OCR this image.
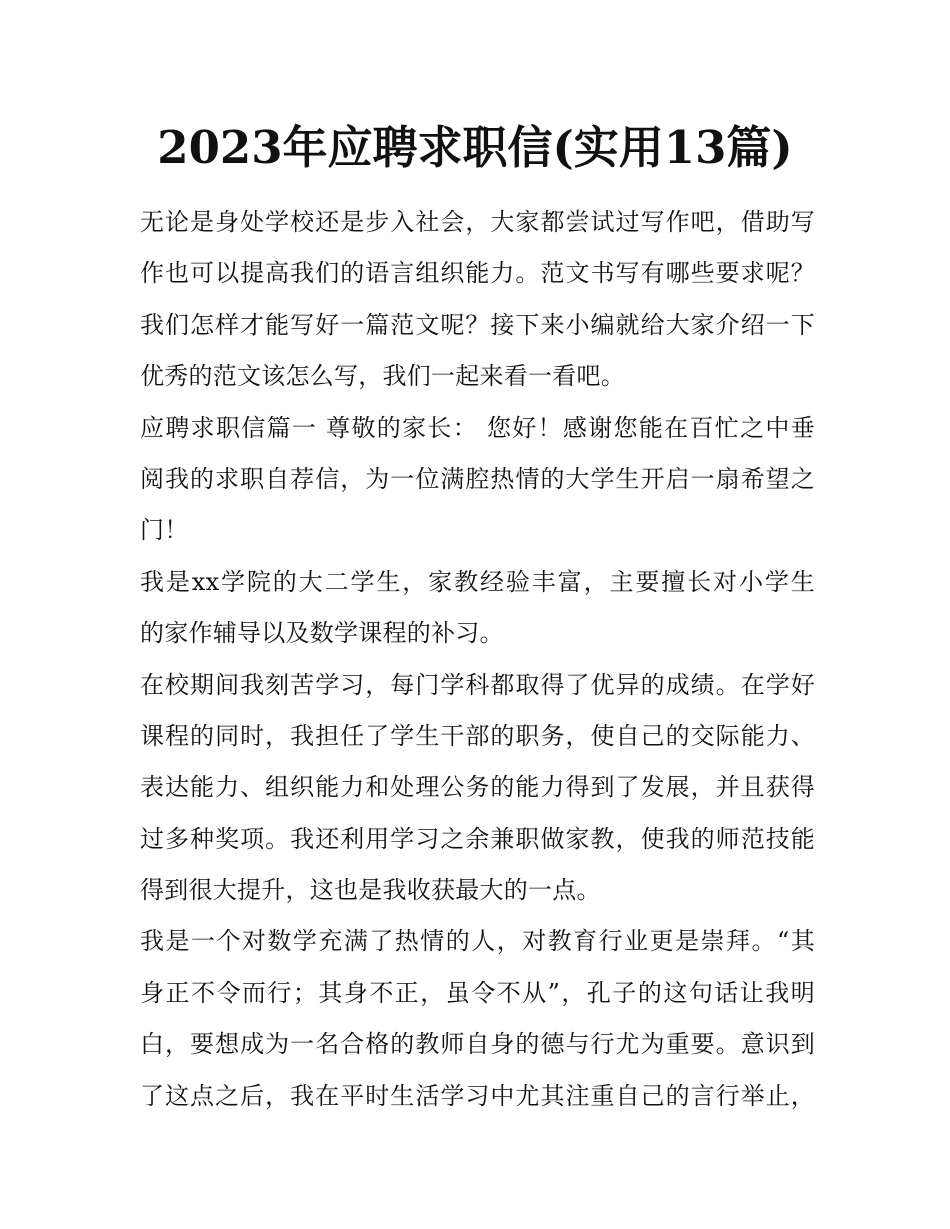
2023年应聘求职信(实用13篇)
无论是身处学校还是步入社会，大家都尝试过写作吧，借助写
作也可以提高我们的语言组织能力。范文书写有哪些要求呢？
我们怎样才能写好一篇范文呢？接下来小编就给大家介绍一下
优秀的范文该怎么写，我们一起来看一看吧。
应聘求职信篇一 尊敬的家长： 您好！感谢您能在百忙之中垂
阅我的求职自荐信，为一位满腔热情的大学生开启一扇希望之
门！
我是xx学院的大二学生，家教经验丰富，主要擅长对小学生
的家作辅导以及数学课程的补习。
在校期间我刻苦学习，每门学科都取得了优异的成绩。在学好
课程的同时，我担任了学生干部的职务，使自己的交际能力、
表达能力、组织能力和处理公务的能力得到了发展，并且获得
过多种奖项。我还利用学习之余兼职做家教，使我的师范技能
得到很大提升，这也是我收获最大的一点。
我是一个对数学充满了热情的人，对教育行业更是崇拜。“其
身正不令而行；其身不正，虽令不从”，孔子的这句话让我明
白，要想成为一名合格的教师自身的德与行尤为重要。意识到
了这点之后，我在平时生活学习中尤其注重自己的言行举止，
